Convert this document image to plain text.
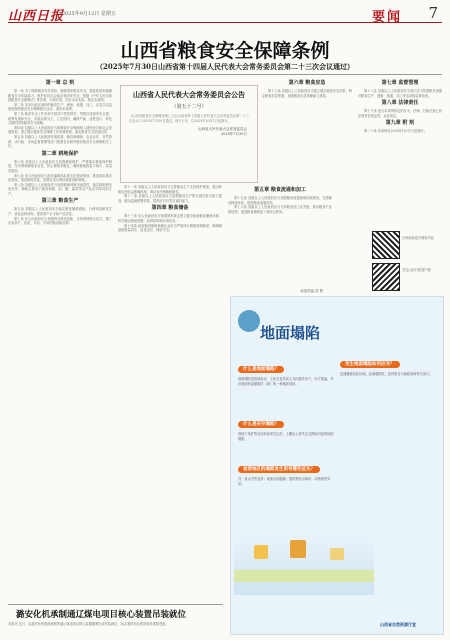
山西日报
2025年9月12日 星期五	要闻 7
山西省粮食安全保障条例
（2025年7月30日山西省第十四届人民代表大会常务委员会第二十三次会议通过）
第一章 总 则

第一条 为了保障粮食有效供给，确保国家粮食安全，提高防范和抵御粮食安全风险能力，维护经济社会稳定和国家安全，根据《中华人民共和国粮食安全保障法》等法律、行政法规，结合本省实际，制定本条例。

第二条 本省行政区域内的粮食生产、储备、流通、加工、应急以及监督管理等粮食安全保障相关活动，适用本条例。

第三条 粮食安全工作坚持中国共产党的领导，贯彻总体国家安全观，统筹发展和安全，实施以我为主、立足国内、确保产能、适度进口、科技支撑的国家粮食安全战略。

第四条 县级以上人民政府应当将粮食安全保障纳入国民经济和社会发展规划，建立健全粮食安全保障工作协调机制，落实粮食安全党政同责。

第五条 县级以上人民政府发展改革、粮食和储备、农业农村、自然资源、水行政、市场监督管理等部门按照各自职责做好粮食安全保障相关工作。

第二章 耕地保护

第六条 县级以上人民政府应当加强耕地保护，严格落实耕地保护制度，坚决遏制耕地非农化、防止耕地非粮化，确保耕地数量不减少、质量有提高。

第七条 省人民政府应当组织编制高标准农田建设规划，推进高标准农田建设，提高耕地质量，加强农田水利设施建设和管理。

第八条 县级以上人民政府应当加强耕地种植用途管控，落实耕地利用优先序，耕地主要用于粮食和棉、油、糖、蔬菜等农产品及饲草饲料生产。

第三章 粮食生产

第九条 县级以上人民政府应当稳定粮食播种面积，合理布局粮食生产，优化品种结构，提高单产水平和产品质量。

第十条 省人民政府应当加强种业科技创新，支持育种联合攻关，推广应用高产、优质、多抗、专用的粮食新品种。

山西省人民代表大会常务委员会公告
（第五十二号）
《山西省粮食安全保障条例》已由山西省第十四届人民代表大会常务委员会第二十三次会议于2025年7月30日通过，现予公布，自2025年10月1日起施行。
山西省人民代表大会常务委员会
2025年7月30日

第十一条 县级以上人民政府应当完善粮食生产支持保护制度，健全种粮农民收益保障机制，调动农民种粮积极性。

第十二条 县级以上人民政府应当加强粮食生产防灾减灾救灾能力建设，健全监测预警体系，提高应对自然灾害的能力。

第四章 粮食储备

第十三条 省人民政府应当按照国家规定建立健全政府粮食储备体系，科学确定储备规模、品种结构和区域布局。

第十四条 政府粮食储备承储企业应当严格执行储备管理制度，确保储备粮数量真实、质量良好、储存安全。

第五章 粮食流通和加工

第十五条 县级以上人民政府应当加强粮食流通基础设施建设，完善粮食物流体系，提高粮食流通效率。

第十六条 县级以上人民政府应当支持粮食加工业发展，推动粮食产业链延伸，促进粮食精深加工和综合利用。

第六章 粮食应急

第十七条 县级以上人民政府应当建立健全粮食应急体系，制定粮食应急预案，加强粮食应急保障能力建设。

第七章 监督管理

第十八条 县级以上人民政府有关部门应当依照职责加强对粮食生产、储备、流通、加工等活动的监督检查。

第八章 法律责任

第十九条 违反本条例规定的行为，法律、行政法规已有法律责任规定的，从其规定。

第九章 附 则

第二十条 本条例自2025年10月1日起施行。

扫码阅读更多精彩内容
关注山西日报客户端
本版责编 武 阳
地面塌陷
什么是地面塌陷？
地面塌陷是指地表岩、土体在自然或人为因素作用下，向下陷落，并在地面形成塌陷坑（洞）的一种地质现象。
什么是采空塌陷？
指地下采矿等活动形成采空区后，上覆岩土体失去支撑而引起的地面塌陷。
岩溶地区的塌陷发生前有哪些征兆？
井、泉水突然变浑；地面出现裂缝；建筑物发出响声；动物惊恐异常。
发生地面塌陷如何应对？
迅速撤离危险区域，远离塌陷坑；及时报告当地政府和有关部门。
山西省自然资源厅宣
潞安化机承制通辽煤电项目核心装置吊装就位
本报讯 近日，由潞安化机集团承制的通辽煤电项目核心装置顺利完成吊装就位，标志着该项目建设取得重要进展。
